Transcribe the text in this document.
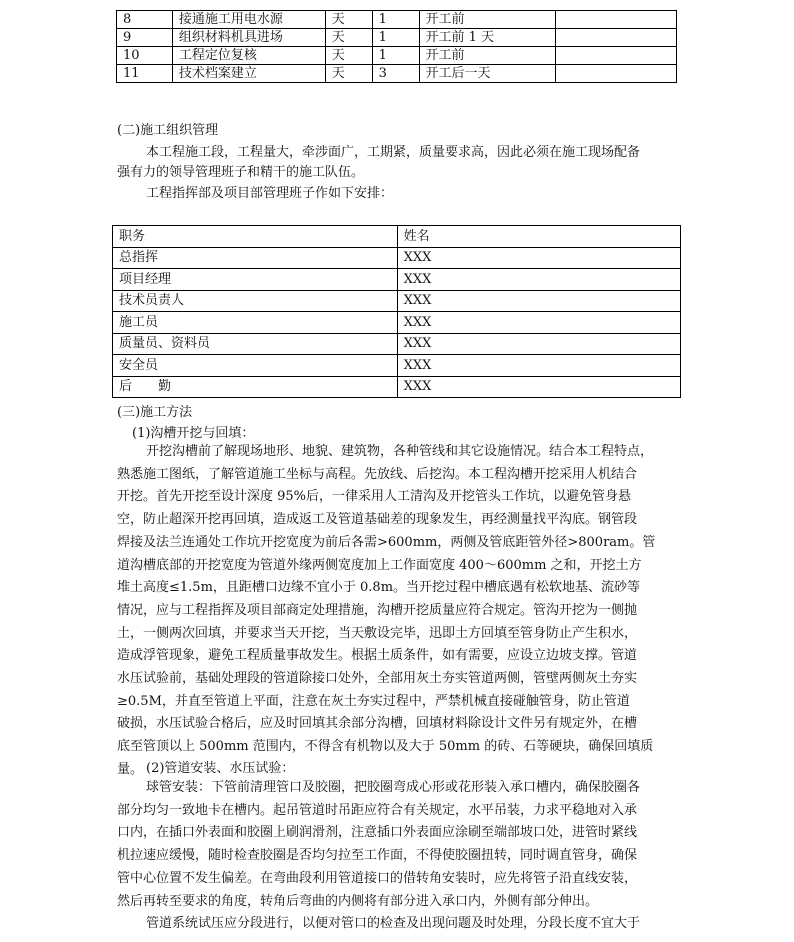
8	接通施工用电水源	天	1	开工前	
9	组织材料机具进场	天	1	开工前 1 天	
10	工程定位复核	天	1	开工前	
11	技术档案建立	天	3	开工后一天	
(二)施工组织管理
本工程施工段，工程量大，牵涉面广，工期紧，质量要求高，因此必须在施工现场配备
强有力的领导管理班子和精干的施工队伍。
工程指挥部及项目部管理班子作如下安排：
职务	姓名
总指挥	XXX
项目经理	XXX
技术员责人	XXX
施工员	XXX
质量员、资料员	XXX
安全员	XXX
后　　勤	XXX
(三)施工方法
(1)沟槽开挖与回填：
开挖沟槽前了解现场地形、地貌、建筑物，各种管线和其它设施情况。结合本工程特点，
熟悉施工图纸，了解管道施工坐标与高程。先放线、后挖沟。本工程沟槽开挖采用人机结合
开挖。首先开挖至设计深度 95%后，一律采用人工清沟及开挖管头工作坑，以避免管身悬
空，防止超深开挖再回填，造成返工及管道基础差的现象发生，再经测量找平沟底。钢管段
焊接及法兰连通处工作坑开挖宽度为前后各需>600mm，两侧及管底距管外径>800ram。管
道沟槽底部的开挖宽度为管道外缘两侧宽度加上工作面宽度 400～600mm 之和，开挖土方
堆土高度≤1.5m，且距槽口边缘不宜小于 0.8m。当开挖过程中槽底遇有松软地基、流砂等
情况，应与工程指挥及项目部商定处理措施，沟槽开挖质量应符合规定。管沟开挖为一侧抛
土，一侧两次回填，并要求当天开挖，当天敷设完毕，迅即土方回填至管身防止产生积水，
造成浮管现象，避免工程质量事故发生。根据土质条件，如有需要，应设立边坡支撑。管道
水压试验前，基础处理段的管道除接口处外，全部用灰土夯实管道两侧，管壁两侧灰土夯实
≥0.5M，并直至管道上平面，注意在灰土夯实过程中，严禁机械直接碰触管身，防止管道
破损，水压试验合格后，应及时回填其余部分沟槽，回填材料除设计文件另有规定外，在槽
底至管顶以上 500mm 范围内，不得含有机物以及大于 50mm 的砖、石等硬块，确保回填质
量。 (2)管道安装、水压试验：
球管安装：下管前清理管口及胶圈，把胶圈弯成心形或花形装入承口槽内，确保胶圈各
部分均匀一致地卡在槽内。起吊管道时吊距应符合有关规定，水平吊装，力求平稳地对入承
口内，在插口外表面和胶圈上刷润滑剂，注意插口外表面应涂刷至端部坡口处，进管时紧线
机拉速应缓慢，随时检查胶圈是否均匀拉至工作面，不得使胶圈扭转，同时调直管身，确保
管中心位置不发生偏差。在弯曲段利用管道接口的借转角安装时，应先将管子沿直线安装，
然后再转至要求的角度，转角后弯曲的内侧将有部分进入承口内，外侧有部分伸出。
管道系统试压应分段进行，以便对管口的检查及出现问题及时处理，分段长度不宜大于
